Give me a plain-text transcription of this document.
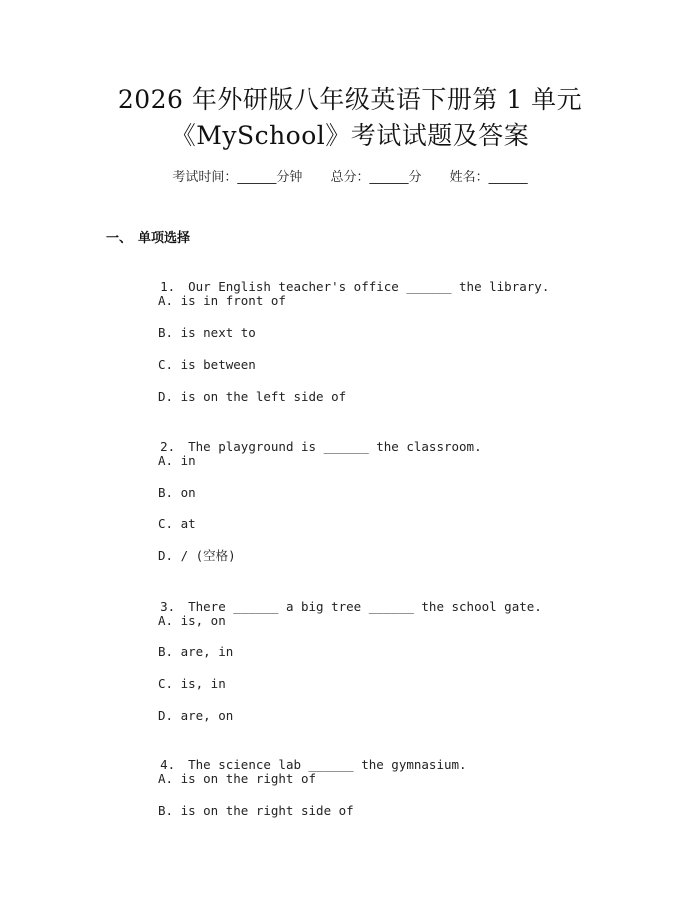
2026 年外研版八年级英语下册第 1 单元
《MySchool》考试试题及答案
考试时间：______分钟 总分：______分 姓名：______
一、 单项选择

1. Our English teacher's office ______ the library.

A. is in front of
B. is next to
C. is between
D. is on the left side of

2. The playground is ______ the classroom.

A. in
B. on
C. at
D. / (空格)

3. There ______ a big tree ______ the school gate.

A. is, on
B. are, in
C. is, in
D. are, on

4. The science lab ______ the gymnasium.

A. is on the right of
B. is on the right side of
